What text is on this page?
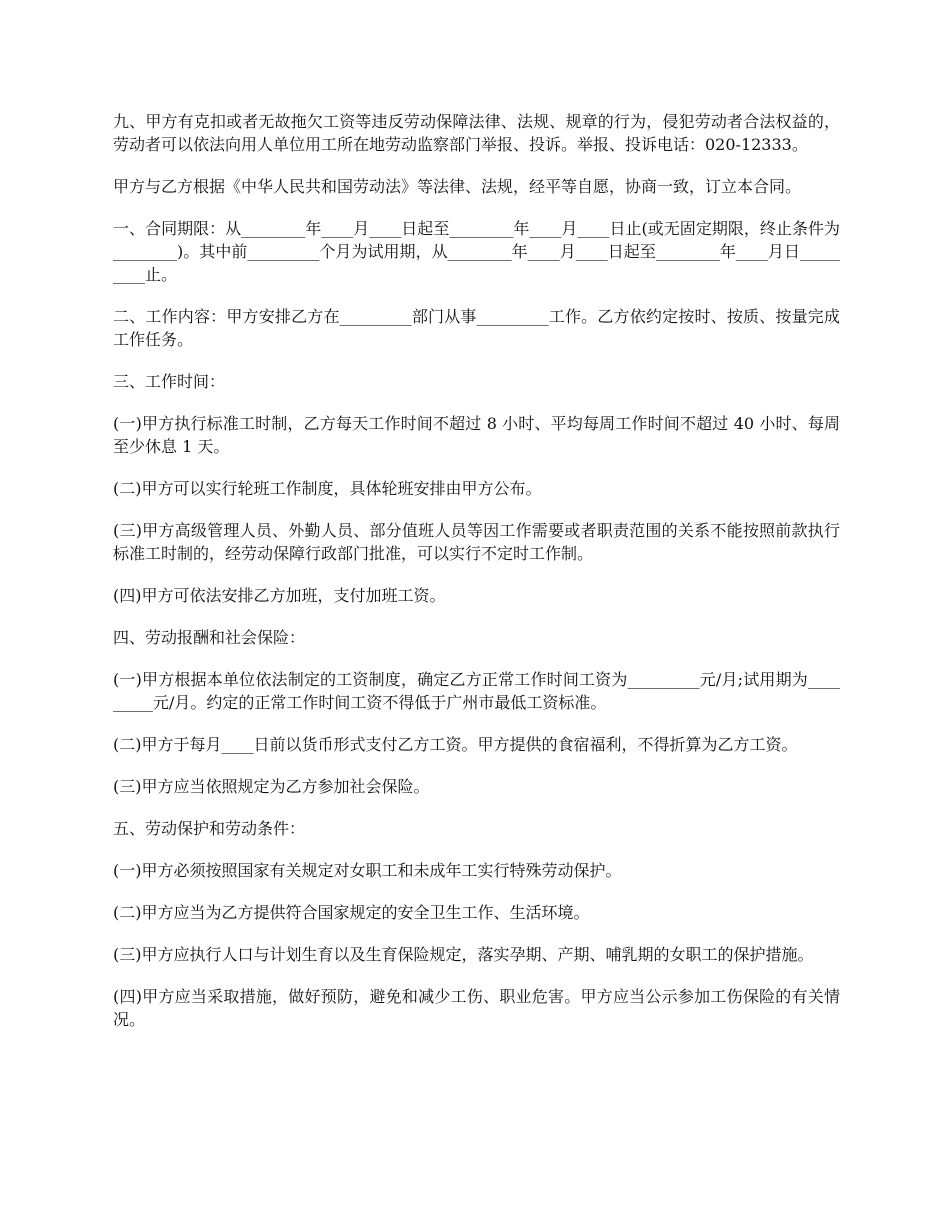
九、甲方有克扣或者无故拖欠工资等违反劳动保障法律、法规、规章的行为，侵犯劳动者合法权益的，劳动者可以依法向用人单位用工所在地劳动监察部门举报、投诉。举报、投诉电话：020-12333。

甲方与乙方根据《中华人民共和国劳动法》等法律、法规，经平等自愿，协商一致，订立本合同。

一、合同期限：从________年____月____日起至________年____月____日止(或无固定期限，终止条件为________)。其中前_________个月为试用期，从________年____月____日起至________年____月日_________止。

二、工作内容：甲方安排乙方在_________部门从事_________工作。乙方依约定按时、按质、按量完成工作任务。

三、工作时间：

(一)甲方执行标准工时制，乙方每天工作时间不超过 8 小时、平均每周工作时间不超过 40 小时、每周至少休息 1 天。

(二)甲方可以实行轮班工作制度，具体轮班安排由甲方公布。

(三)甲方高级管理人员、外勤人员、部分值班人员等因工作需要或者职责范围的关系不能按照前款执行标准工时制的，经劳动保障行政部门批准，可以实行不定时工作制。

(四)甲方可依法安排乙方加班，支付加班工资。

四、劳动报酬和社会保险：

(一)甲方根据本单位依法制定的工资制度，确定乙方正常工作时间工资为_________元/月;试用期为_________元/月。约定的正常工作时间工资不得低于广州市最低工资标准。

(二)甲方于每月____日前以货币形式支付乙方工资。甲方提供的食宿福利，不得折算为乙方工资。

(三)甲方应当依照规定为乙方参加社会保险。

五、劳动保护和劳动条件：

(一)甲方必须按照国家有关规定对女职工和未成年工实行特殊劳动保护。

(二)甲方应当为乙方提供符合国家规定的安全卫生工作、生活环境。

(三)甲方应执行人口与计划生育以及生育保险规定，落实孕期、产期、哺乳期的女职工的保护措施。

(四)甲方应当采取措施，做好预防，避免和减少工伤、职业危害。甲方应当公示参加工伤保险的有关情况。
